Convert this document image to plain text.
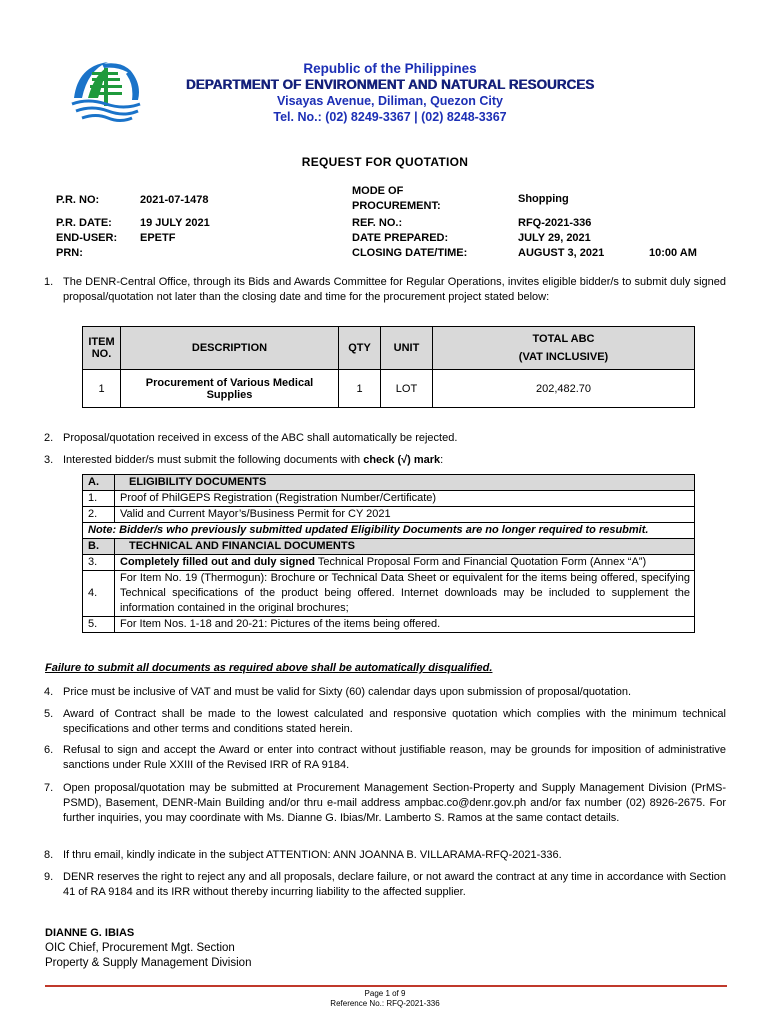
Republic of the Philippines
DEPARTMENT OF ENVIRONMENT AND NATURAL RESOURCES
Visayas Avenue, Diliman, Quezon City
Tel. No.: (02) 8249-3367 | (02) 8248-3367
REQUEST FOR QUOTATION
P.R. NO:	2021-07-1478
P.R. DATE:	19 JULY 2021
END-USER: EPETF
PRN:
MODE OF
PROCUREMENT:
Shopping
REF. NO.:	RFQ-2021-336
DATE PREPARED:	JULY 29, 2021
CLOSING DATE/TIME:	AUGUST 3, 2021	10:00 AM
1. The DENR-Central Office, through its Bids and Awards Committee for Regular Operations, invites eligible bidder/s to submit duly signed proposal/quotation not later than the closing date and time for the procurement project stated below:
ITEM NO.	DESCRIPTION	QTY	UNIT	TOTAL ABC
(VAT INCLUSIVE)

1	Procurement of Various Medical Supplies	1	LOT	202,482.70
2. Proposal/quotation received in excess of the ABC shall automatically be rejected.
3. Interested bidder/s must submit the following documents with check (√) mark:
A.	ELIGIBILITY DOCUMENTS
1.	Proof of PhilGEPS Registration (Registration Number/Certificate)
2.	Valid and Current Mayor’s/Business Permit for CY 2021
Note: Bidder/s who previously submitted updated Eligibility Documents are no longer required to resubmit.	
B.	TECHNICAL AND FINANCIAL DOCUMENTS
3.	Completely filled out and duly signed Technical Proposal Form and Financial Quotation Form (Annex “A”)
4.	For Item No. 19 (Thermogun): Brochure or Technical Data Sheet or equivalent for the items being offered, specifying Technical specifications of the product being offered. Internet downloads may be included to supplement the information contained in the original brochures;
5.	For Item Nos. 1-18 and 20-21: Pictures of the items being offered.
Failure to submit all documents as required above shall be automatically disqualified.
4. Price must be inclusive of VAT and must be valid for Sixty (60) calendar days upon submission of proposal/quotation.
5. Award of Contract shall be made to the lowest calculated and responsive quotation which complies with the minimum technical specifications and other terms and conditions stated herein.
6. Refusal to sign and accept the Award or enter into contract without justifiable reason, may be grounds for imposition of administrative sanctions under Rule XXIII of the Revised IRR of RA 9184.
7. Open proposal/quotation may be submitted at Procurement Management Section-Property and Supply Management Division (PrMS-PSMD), Basement, DENR-Main Building and/or thru e-mail address ampbac.co@denr.gov.ph and/or fax number (02) 8926-2675. For further inquiries, you may coordinate with Ms. Dianne G. Ibias/Mr. Lamberto S. Ramos at the same contact details.
8. If thru email, kindly indicate in the subject ATTENTION: ANN JOANNA B. VILLARAMA-RFQ-2021-336.
9. DENR reserves the right to reject any and all proposals, declare failure, or not award the contract at any time in accordance with Section 41 of RA 9184 and its IRR without thereby incurring liability to the affected supplier.
DIANNE G. IBIAS
OIC Chief, Procurement Mgt. Section
Property & Supply Management Division
Page 1 of 9
Reference No.: RFQ-2021-336
